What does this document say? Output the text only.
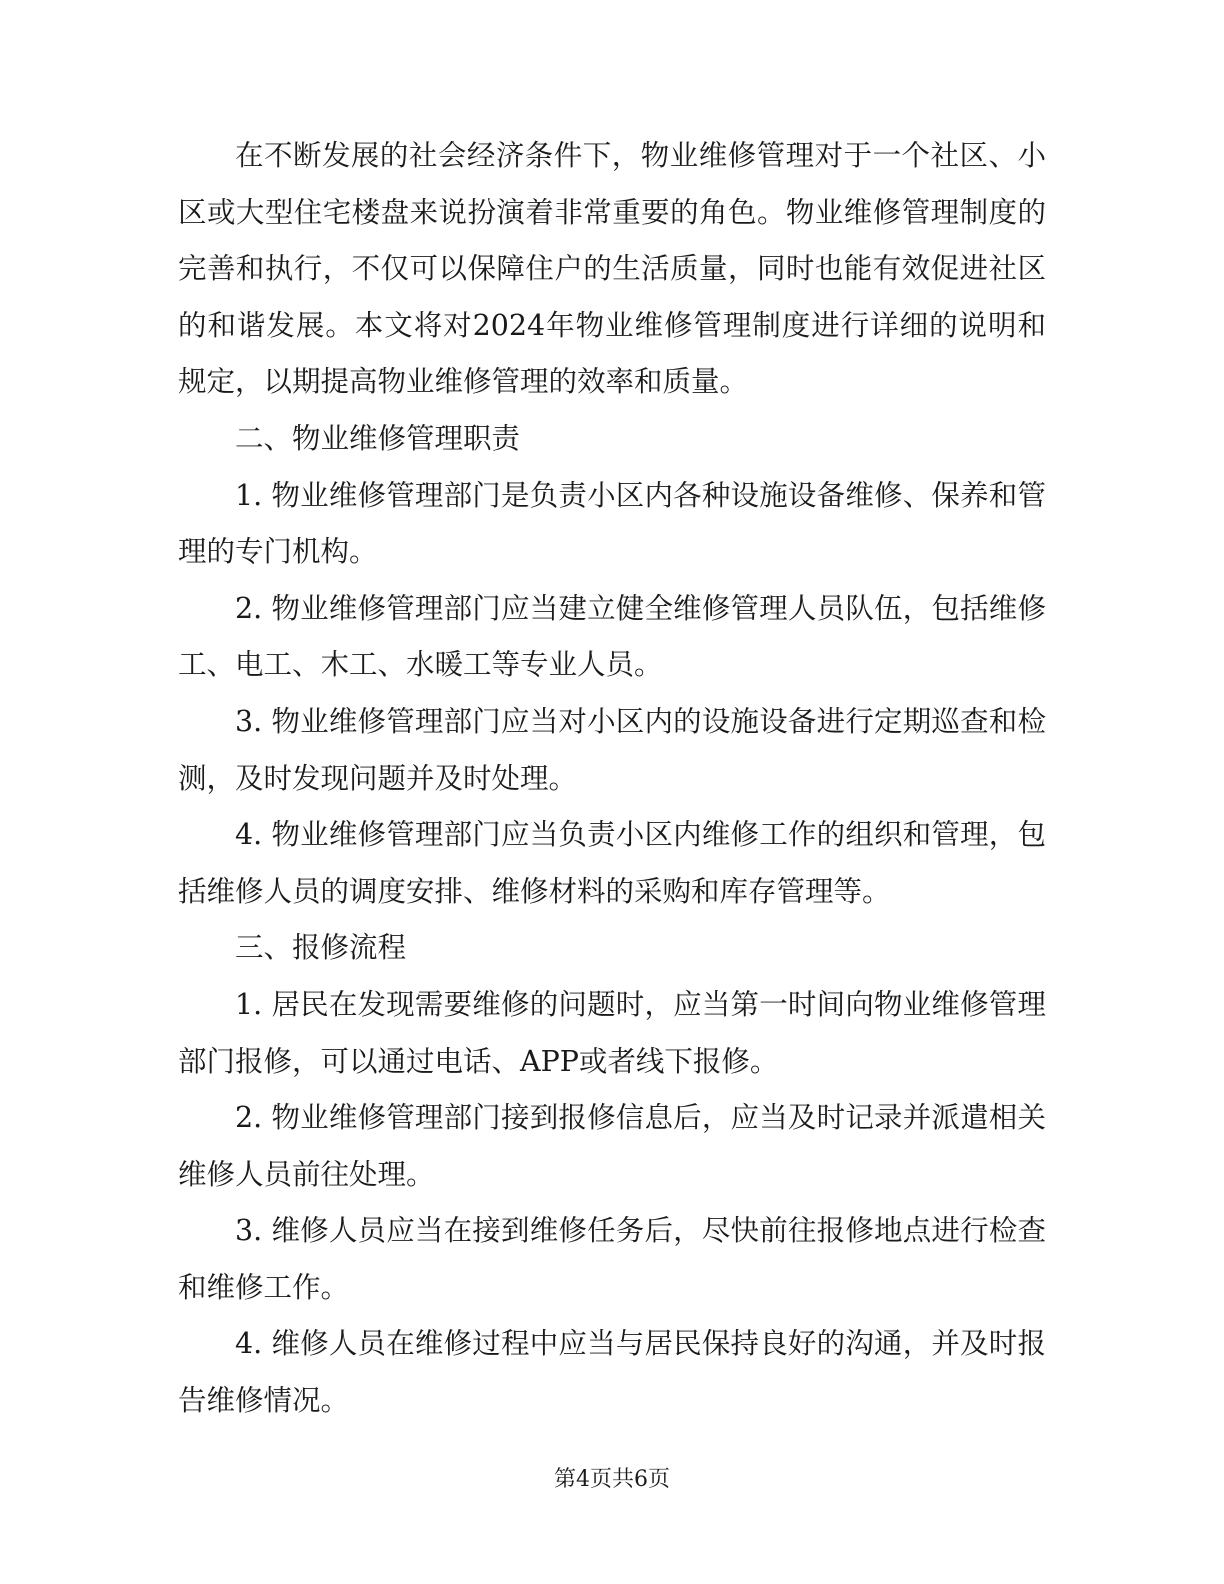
在不断发展的社会经济条件下，物业维修管理对于一个社区、小区或大型住宅楼盘来说扮演着非常重要的角色。物业维修管理制度的完善和执行，不仅可以保障住户的生活质量，同时也能有效促进社区的和谐发展。本文将对2024年物业维修管理制度进行详细的说明和规定，以期提高物业维修管理的效率和质量。

二、物业维修管理职责

1. 物业维修管理部门是负责小区内各种设施设备维修、保养和管理的专门机构。

2. 物业维修管理部门应当建立健全维修管理人员队伍，包括维修工、电工、木工、水暖工等专业人员。

3. 物业维修管理部门应当对小区内的设施设备进行定期巡查和检测，及时发现问题并及时处理。

4. 物业维修管理部门应当负责小区内维修工作的组织和管理，包括维修人员的调度安排、维修材料的采购和库存管理等。

三、报修流程

1. 居民在发现需要维修的问题时，应当第一时间向物业维修管理部门报修，可以通过电话、APP或者线下报修。

2. 物业维修管理部门接到报修信息后，应当及时记录并派遣相关维修人员前往处理。

3. 维修人员应当在接到维修任务后，尽快前往报修地点进行检查和维修工作。

4. 维修人员在维修过程中应当与居民保持良好的沟通，并及时报告维修情况。

第4页共6页
